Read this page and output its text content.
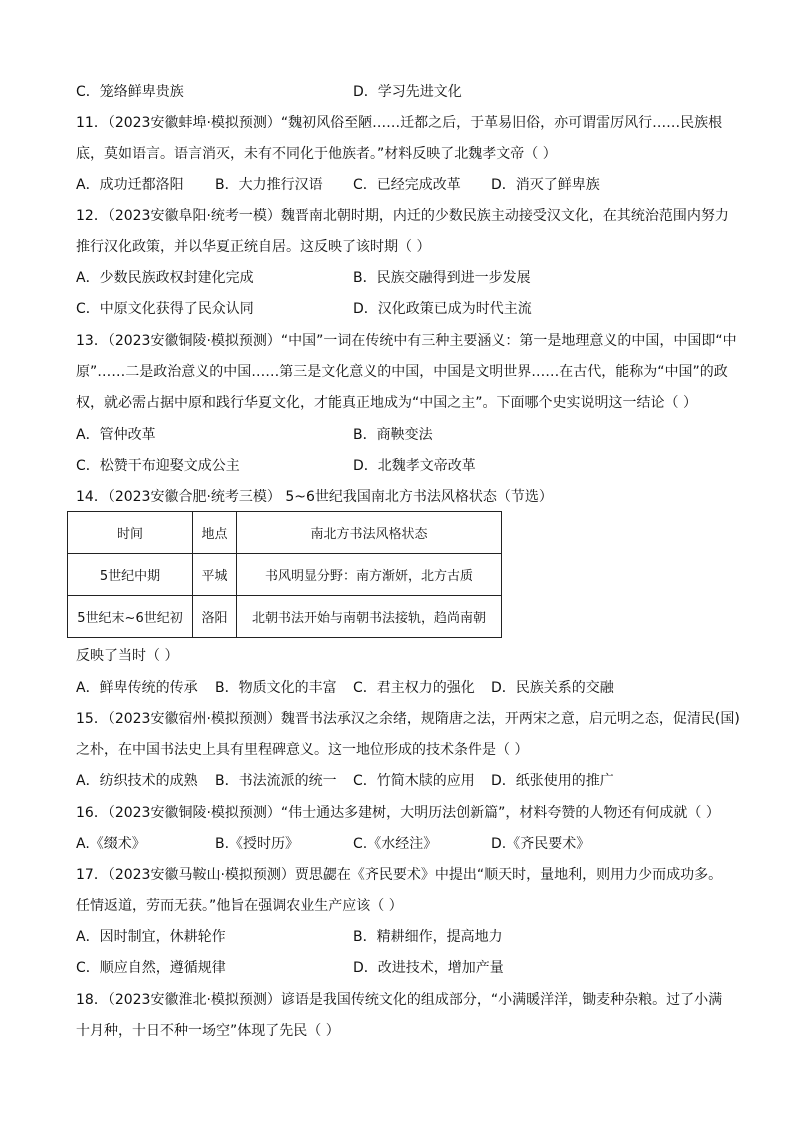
C．笼络鲜卑贵族	D．学习先进文化
11．（2023安徽蚌埠·模拟预测）“魏初风俗至陋……迁都之后，于革易旧俗，亦可谓雷厉风行……民族根
底，莫如语言。语言消灭，未有不同化于他族者。”材料反映了北魏孝文帝（ ）
A．成功迁都洛阳 B．大力推行汉语 C．已经完成改革 D．消灭了鲜卑族
12．（2023安徽阜阳·统考一模）魏晋南北朝时期，内迁的少数民族主动接受汉文化，在其统治范围内努力
推行汉化政策，并以华夏正统自居。这反映了该时期（ ）
A．少数民族政权封建化完成	B．民族交融得到进一步发展
C．中原文化获得了民众认同	D．汉化政策已成为时代主流
13．（2023安徽铜陵·模拟预测）“中国”一词在传统中有三种主要涵义：第一是地理意义的中国，中国即“中
原”……二是政治意义的中国……第三是文化意义的中国，中国是文明世界……在古代，能称为“中国”的政
权，就必需占据中原和践行华夏文化，才能真正地成为“中国之主”。下面哪个史实说明这一结论（ ）
A．管仲改革	B．商鞅变法
C．松赞干布迎娶文成公主	D．北魏孝文帝改革
14．（2023安徽合肥·统考三模） 5~6世纪我国南北方书法风格状态（节选）
时间	地点	南北方书法风格状态
5世纪中期	平城	书风明显分野：南方渐妍，北方古质
5世纪末~6世纪初	洛阳	北朝书法开始与南朝书法接轨，趋尚南朝
反映了当时（ ）
A．鲜卑传统的传承 B．物质文化的丰富 C．君主权力的强化 D．民族关系的交融
15．（2023安徽宿州·模拟预测）魏晋书法承汉之余绪，规隋唐之法，开两宋之意，启元明之态，促清民(国)
之朴，在中国书法史上具有里程碑意义。这一地位形成的技术条件是（ ）
A．纺织技术的成熟 B．书法流派的统一 C．竹简木牍的应用 D．纸张使用的推广
16．（2023安徽铜陵·模拟预测）“伟士通达多建树，大明历法创新篇”，材料夸赞的人物还有何成就（ ）
A.《缀术》	B.《授时历》	C.《水经注》	D.《齐民要术》
17．（2023安徽马鞍山·模拟预测）贾思勰在《齐民要术》中提出“顺天时，量地利，则用力少而成功多。
任情返道，劳而无获。”他旨在强调农业生产应该（ ）
A．因时制宜，休耕轮作	B．精耕细作，提高地力
C．顺应自然，遵循规律	D．改进技术，增加产量
18．（2023安徽淮北·模拟预测）谚语是我国传统文化的组成部分，“小满暖洋洋，锄麦种杂粮。过了小满
十月种，十日不种一场空”体现了先民（ ）
